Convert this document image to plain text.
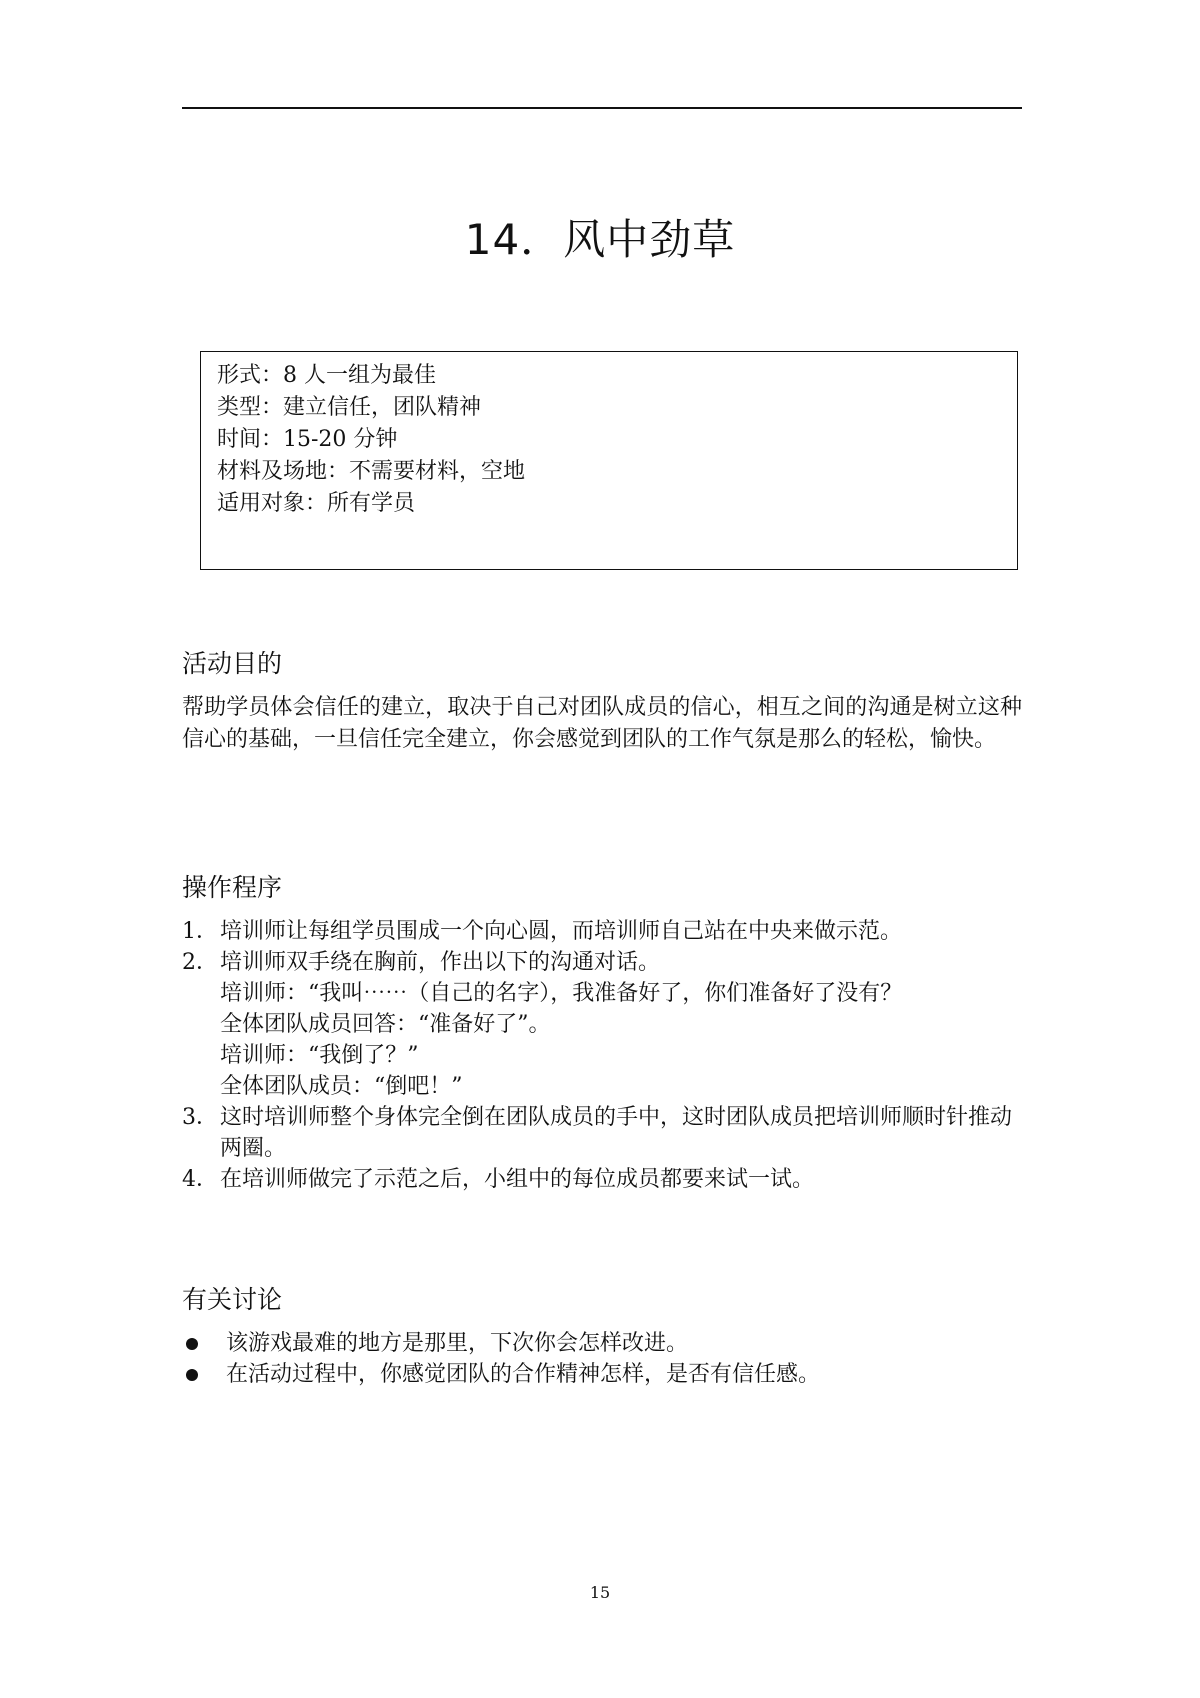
14．风中劲草
形式：8 人一组为最佳
类型：建立信任，团队精神
时间：15-20 分钟
材料及场地：不需要材料，空地
适用对象：所有学员
活动目的

帮助学员体会信任的建立，取决于自己对团队成员的信心，相互之间的沟通是树立这种信心的基础，一旦信任完全建立，你会感觉到团队的工作气氛是那么的轻松，愉快。

操作程序
1． 培训师让每组学员围成一个向心圆，而培训师自己站在中央来做示范。
2． 培训师双手绕在胸前，作出以下的沟通对话。
培训师：“我叫⋯⋯（自己的名字），我准备好了，你们准备好了没有？
全体团队成员回答：“准备好了”。
培训师：“我倒了？”
全体团队成员：“倒吧！”
3． 这时培训师整个身体完全倒在团队成员的手中，这时团队成员把培训师顺时针推动两圈。
4． 在培训师做完了示范之后，小组中的每位成员都要来试一试。
有关讨论
该游戏最难的地方是那里，下次你会怎样改进。
在活动过程中，你感觉团队的合作精神怎样，是否有信任感。
15
